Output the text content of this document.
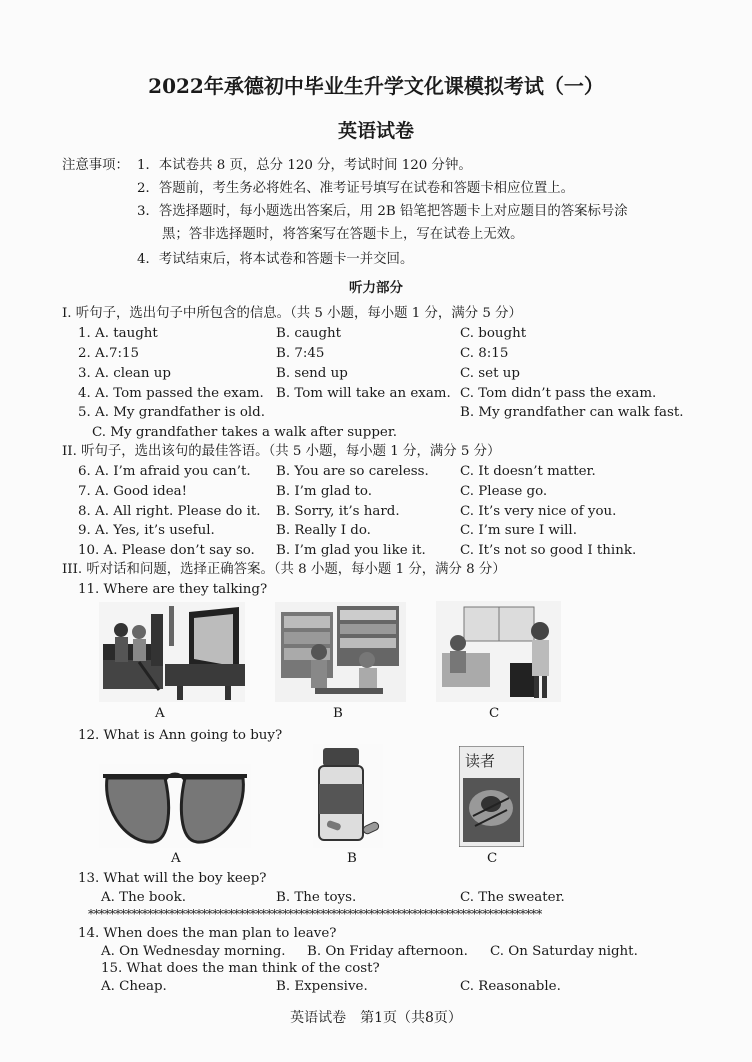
2022年承德初中毕业生升学文化课模拟考试（一）
英语试卷
注意事项： 1．本试卷共 8 页，总分 120 分，考试时间 120 分钟。
2．答题前，考生务必将姓名、准考证号填写在试卷和答题卡相应位置上。
3．答选择题时，每小题选出答案后，用 2B 铅笔把答题卡上对应题目的答案标号涂
黑；答非选择题时，将答案写在答题卡上，写在试卷上无效。
4．考试结束后，将本试卷和答题卡一并交回。
听力部分
I. 听句子，选出句子中所包含的信息。（共 5 小题，每小题 1 分，满分 5 分）
1. A. taught	B. caught	C. bought
2. A.7:15	B. 7:45	C. 8:15
3. A. clean up	B. send up	C. set up
4. A. Tom passed the exam. B. Tom will take an exam. C. Tom didn’t pass the exam.
5. A. My grandfather is old.	B. My grandfather can walk fast.
C. My grandfather takes a walk after supper.
II. 听句子，选出该句的最佳答语。（共 5 小题，每小题 1 分，满分 5 分）
6. A. I’m afraid you can’t. B. You are so careless. C. It doesn’t matter.
7. A. Good idea!	B. I’m glad to.	C. Please go.
8. A. All right. Please do it. B. Sorry, it’s hard.	C. It’s very nice of you.
9. A. Yes, it’s useful.	B. Really I do.	C. I’m sure I will.
10. A. Please don’t say so. B. I’m glad you like it.	C. It’s not so good I think.
III. 听对话和问题，选择正确答案。（共 8 小题，每小题 1 分，满分 8 分）
11. Where are they talking?
A	B	C
12. What is Ann going to buy?
读者
A	B	C
13. What will the boy keep?
A. The book.	B. The toys.	C. The sweater.
************************************************************************************
14. When does the man plan to leave?
A. On Wednesday morning. B. On Friday afternoon. C. On Saturday night.
15. What does the man think of the cost?
A. Cheap.	B. Expensive.	C. Reasonable.
英语试卷　第1页（共8页）
